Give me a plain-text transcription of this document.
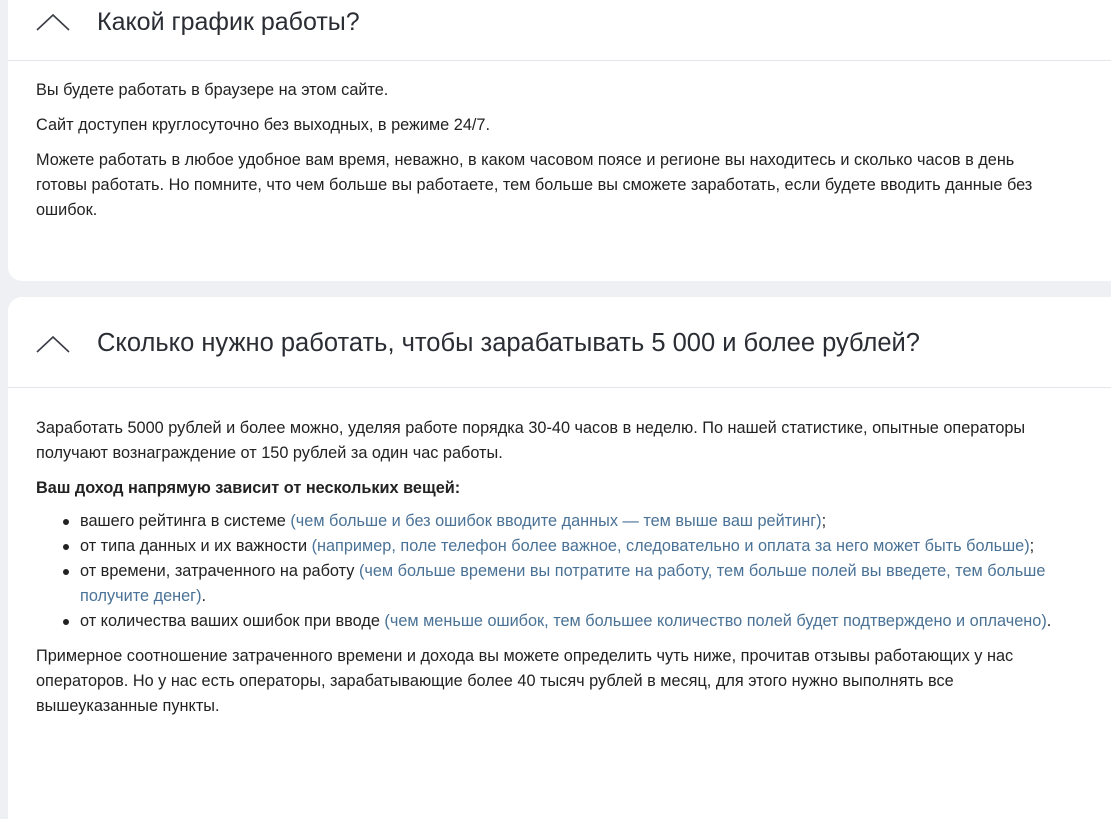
Какой график работы?

Вы будете работать в браузере на этом сайте.

Сайт доступен круглосуточно без выходных, в режиме 24/7.

Можете работать в любое удобное вам время, неважно, в каком часовом поясе и регионе вы находитесь и сколько часов в день готовы работать. Но помните, что чем больше вы работаете, тем больше вы сможете заработать, если будете вводить данные без ошибок.

Сколько нужно работать, чтобы зарабатывать 5 000 и более рублей?

Заработать 5000 рублей и более можно, уделяя работе порядка 30-40 часов в неделю. По нашей статистике, опытные операторы получают вознаграждение от 150 рублей за один час работы.

Ваш доход напрямую зависит от нескольких вещей:

вашего рейтинга в системе (чем больше и без ошибок вводите данных — тем выше ваш рейтинг);
от типа данных и их важности (например, поле телефон более важное, следовательно и оплата за него может быть больше);
от времени, затраченного на работу (чем больше времени вы потратите на работу, тем больше полей вы введете, тем больше получите денег).
от количества ваших ошибок при вводе (чем меньше ошибок, тем большее количество полей будет подтверждено и оплачено).

Примерное соотношение затраченного времени и дохода вы можете определить чуть ниже, прочитав отзывы работающих у нас операторов. Но у нас есть операторы, зарабатывающие более 40 тысяч рублей в месяц, для этого нужно выполнять все вышеуказанные пункты.
